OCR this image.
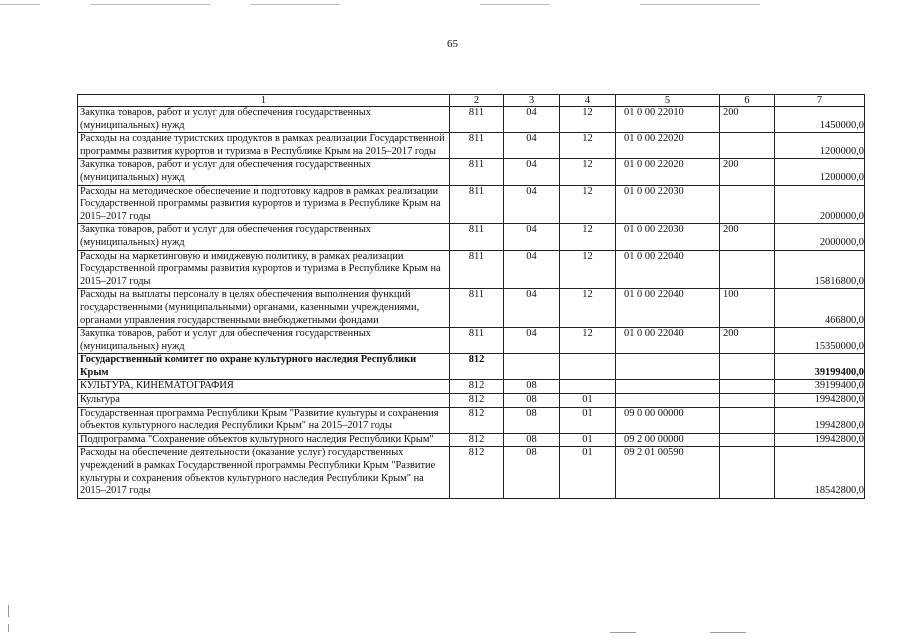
65
1	2	3	4	5	6	7
Закупка товаров, работ и услуг для обеспечения государственных (муниципальных) нужд	811	04	12	01 0 00 22010	200	1450000,0
Расходы на создание туристских продуктов в рамках реализации Государственной программы развития курортов и туризма в Республике Крым на 2015–2017 годы	811	04	12	01 0 00 22020		1200000,0
Закупка товаров, работ и услуг для обеспечения государственных (муниципальных) нужд	811	04	12	01 0 00 22020	200	1200000,0
Расходы на методическое обеспечение и подготовку кадров в рамках реализации Государственной программы развития курортов и туризма в Республике Крым на 2015–2017 годы	811	04	12	01 0 00 22030		2000000,0
Закупка товаров, работ и услуг для обеспечения государственных (муниципальных) нужд	811	04	12	01 0 00 22030	200	2000000,0
Расходы на маркетинговую и имиджевую политику, в рамках реализации Государственной программы развития курортов и туризма в Республике Крым на 2015–2017 годы	811	04	12	01 0 00 22040		15816800,0
Расходы на выплаты персоналу в целях обеспечения выполнения функций государственными (муниципальными) органами, казенными учреждениями, органами управления государственными внебюджетными фондами	811	04	12	01 0 00 22040	100	466800,0
Закупка товаров, работ и услуг для обеспечения государственных (муниципальных) нужд	811	04	12	01 0 00 22040	200	15350000,0
Государственный комитет по охране культурного наследия Республики Крым	812					39199400,0
КУЛЬТУРА, КИНЕМАТОГРАФИЯ	812	08				39199400,0
Культура	812	08	01			19942800,0
Государственная программа Республики Крым "Развитие культуры и сохранения объектов культурного наследия Республики Крым" на 2015–2017 годы	812	08	01	09 0 00 00000		19942800,0
Подпрограмма "Сохранение объектов культурного наследия Республики Крым"	812	08	01	09 2 00 00000		19942800,0
Расходы на обеспечение деятельности (оказание услуг) государственных учреждений в рамках Государственной программы Республики Крым "Развитие культуры и сохранения объектов культурного наследия Республики Крым" на 2015–2017 годы	812	08	01	09 2 01 00590		18542800,0
